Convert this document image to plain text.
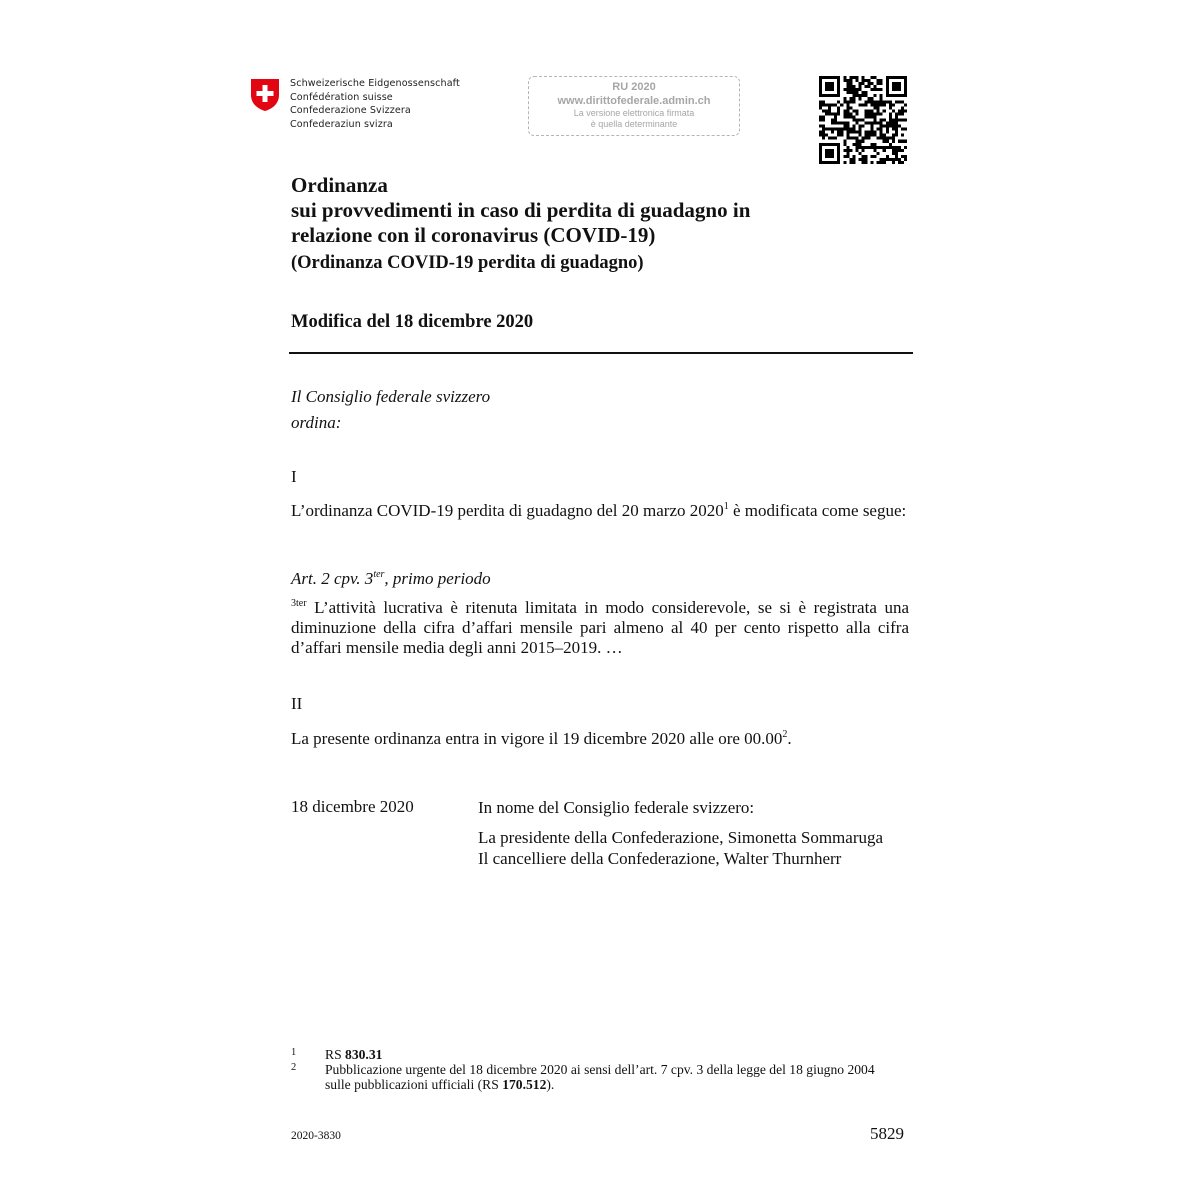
Schweizerische Eidgenossenschaft
Confédération suisse
Confederazione Svizzera
Confederaziun svizra
RU 2020
www.dirittofederale.admin.ch
La versione elettronica firmata
è quella determinante
Ordinanza
sui provvedimenti in caso di perdita di guadagno in
relazione con il coronavirus (COVID-19)
(Ordinanza COVID-19 perdita di guadagno)
Modifica del 18 dicembre 2020
Il Consiglio federale svizzero
ordina:
I
L’ordinanza COVID-19 perdita di guadagno del 20 marzo 2020$^1$ è modificata come segue:
Art. 2 cpv. $3^{ter}$, primo periodo
$^{3ter}$ L’attività lucrativa è ritenuta limitata in modo considerevole, se si è registrata una diminuzione della cifra d’affari mensile pari almeno al 40 per cento rispetto alla cifra d’affari mensile media degli anni 2015–2019. …
II
La presente ordinanza entra in vigore il 19 dicembre 2020 alle ore 00.00$^2$.
18 dicembre 2020	In nome del Consiglio federale svizzero:
La presidente della Confederazione, Simonetta Sommaruga
Il cancelliere della Confederazione, Walter Thurnherr
1	RS 830.31
2	Pubblicazione urgente del 18 dicembre 2020 ai sensi dell’art. 7 cpv. 3 della legge del 18 giugno 2004 sulle pubblicazioni ufficiali (RS 170.512).
2020-3830	5829
